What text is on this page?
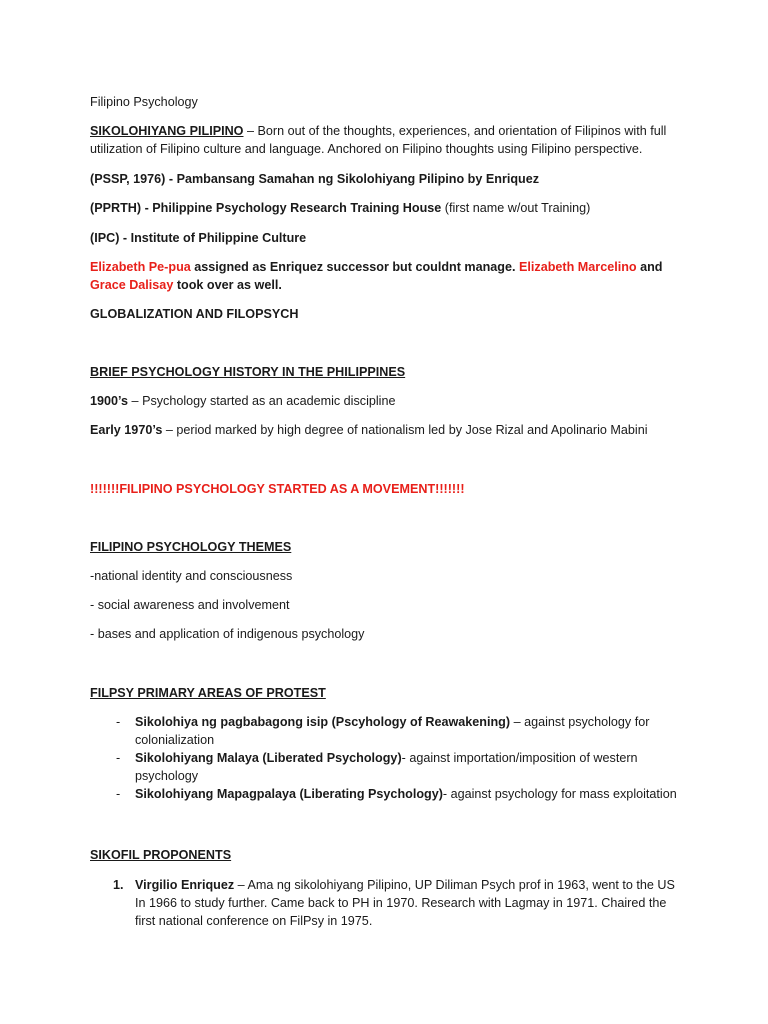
Filipino Psychology

SIKOLOHIYANG PILIPINO – Born out of the thoughts, experiences, and orientation of Filipinos with full utilization of Filipino culture and language. Anchored on Filipino thoughts using Filipino perspective.

(PSSP, 1976) - Pambansang Samahan ng Sikolohiyang Pilipino by Enriquez

(PPRTH) - Philippine Psychology Research Training House (first name w/out Training)

(IPC) - Institute of Philippine Culture

Elizabeth Pe-pua assigned as Enriquez successor but couldnt manage. Elizabeth Marcelino and Grace Dalisay took over as well.

GLOBALIZATION AND FILOPSYCH

BRIEF PSYCHOLOGY HISTORY IN THE PHILIPPINES

1900’s – Psychology started as an academic discipline

Early 1970’s – period marked by high degree of nationalism led by Jose Rizal and Apolinario Mabini

!!!!!!!FILIPINO PSYCHOLOGY STARTED AS A MOVEMENT!!!!!!!

FILIPINO PSYCHOLOGY THEMES

-national identity and consciousness

- social awareness and involvement

- bases and application of indigenous psychology

FILPSY PRIMARY AREAS OF PROTEST

- Sikolohiya ng pagbabagong isip (Pscyhology of Reawakening) – against psychology for colonialization
- Sikolohiyang Malaya (Liberated Psychology)- against importation/imposition of western psychology
- Sikolohiyang Mapagpalaya (Liberating Psychology)- against psychology for mass exploitation

SIKOFIL PROPONENTS

1. Virgilio Enriquez – Ama ng sikolohiyang Pilipino, UP Diliman Psych prof in 1963, went to the US In 1966 to study further. Came back to PH in 1970. Research with Lagmay in 1971. Chaired the first national conference on FilPsy in 1975.
